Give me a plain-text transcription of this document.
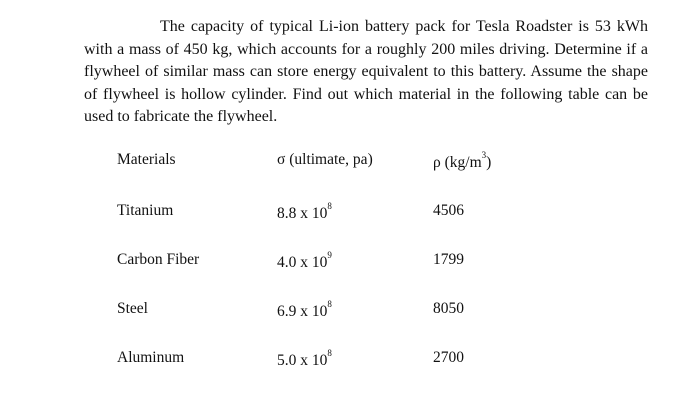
The capacity of typical Li-ion battery pack for Tesla Roadster is 53 kWh with a mass of 450 kg, which accounts for a roughly 200 miles driving. Determine if a flywheel of similar mass can store energy equivalent to this battery. Assume the shape of flywheel is hollow cylinder. Find out which material in the following table can be used to fabricate the flywheel.

Materials	σ (ultimate, pa)	ρ $(kg/m^3)$
Titanium	8.8 x $10^8$	4506
Carbon Fiber	4.0 x $10^9$	1799
Steel	6.9 x $10^8$	8050
Aluminum	5.0 x $10^8$	2700
